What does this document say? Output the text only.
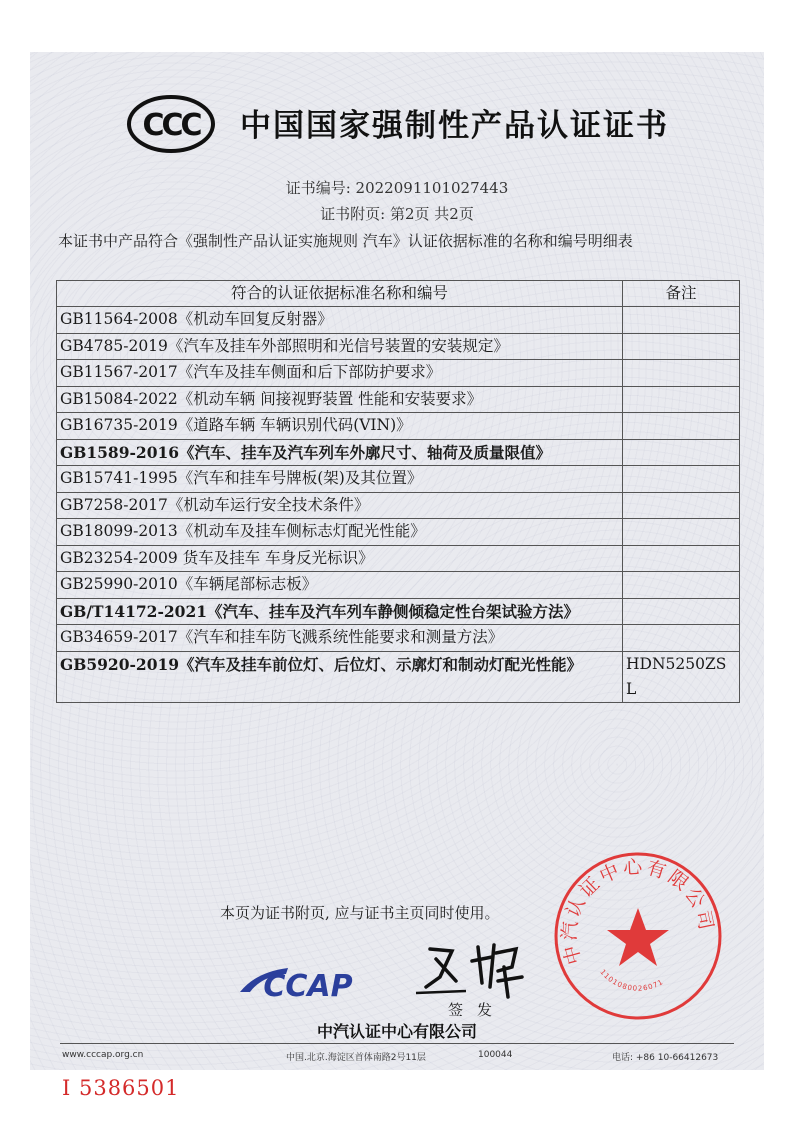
CCC 中国国家强制性产品认证证书
证书编号: 2022091101027443
证书附页: 第2页 共2页
本证书中产品符合《强制性产品认证实施规则 汽车》认证依据标准的名称和编号明细表
符合的认证依据标准名称和编号	备注
GB11564-2008《机动车回复反射器》	
GB4785-2019《汽车及挂车外部照明和光信号装置的安装规定》	
GB11567-2017《汽车及挂车侧面和后下部防护要求》	
GB15084-2022《机动车辆 间接视野装置 性能和安装要求》	
GB16735-2019《道路车辆 车辆识别代码(VIN)》	
GB1589-2016《汽车、挂车及汽车列车外廓尺寸、轴荷及质量限值》	
GB15741-1995《汽车和挂车号牌板(架)及其位置》	
GB7258-2017《机动车运行安全技术条件》	
GB18099-2013《机动车及挂车侧标志灯配光性能》	
GB23254-2009 货车及挂车 车身反光标识》	
GB25990-2010《车辆尾部标志板》	
GB/T14172-2021《汽车、挂车及汽车列车静侧倾稳定性台架试验方法》	
GB34659-2017《汽车和挂车防飞溅系统性能要求和测量方法》	
GB5920-2019《汽车及挂车前位灯、后位灯、示廓灯和制动灯配光性能》	HDN5250ZSL
本页为证书附页, 应与证书主页同时使用。
中汽认证中心有限公司
1101080026071
CCAP
签发
中汽认证中心有限公司
www.cccap.org.cn	中国.北京.海淀区首体南路2号11层	100044	电话: +86 10-66412673
I 5386501
